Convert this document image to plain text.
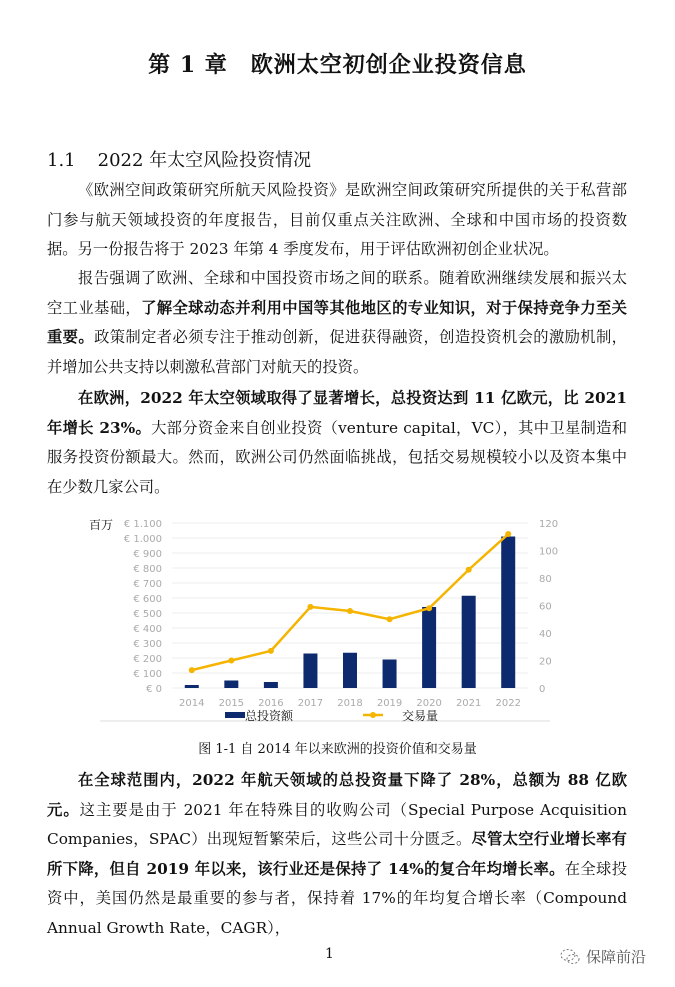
第 1 章　欧洲太空初创企业投资信息
1.1 2022 年太空风险投资情况
《欧洲空间政策研究所航天风险投资》是欧洲空间政策研究所提供的关于私营部门参与航天领域投资的年度报告，目前仅重点关注欧洲、全球和中国市场的投资数据。另一份报告将于 2023 年第 4 季度发布，用于评估欧洲初创企业状况。
报告强调了欧洲、全球和中国投资市场之间的联系。随着欧洲继续发展和振兴太空工业基础，了解全球动态并利用中国等其他地区的专业知识，对于保持竞争力至关重要。政策制定者必须专注于推动创新，促进获得融资，创造投资机会的激励机制，并增加公共支持以刺激私营部门对航天的投资。
在欧洲，2022 年太空领域取得了显著增长，总投资达到 11 亿欧元，比 2021 年增长 23%。大部分资金来自创业投资（venture capital，VC），其中卫星制造和服务投资份额最大。然而，欧洲公司仍然面临挑战，包括交易规模较小以及资本集中在少数几家公司。
百万
€ 0
€ 100
€ 200
€ 300
€ 400
€ 500
€ 600
€ 700
€ 800
€ 900
€ 1.000
€ 1.100
0
20
40
60
80
100
120
2014 2015 2016 2017 2018 2019 2020 2021 2022
总投资额	交易量
图 1-1 自 2014 年以来欧洲的投资价值和交易量
在全球范围内，2022 年航天领域的总投资量下降了 28%，总额为 88 亿欧元。这主要是由于 2021 年在特殊目的收购公司（Special Purpose Acquisition Companies，SPAC）出现短暂繁荣后，这些公司十分匮乏。尽管太空行业增长率有所下降，但自 2019 年以来，该行业还是保持了 14%的复合年均增长率。在全球投资中，美国仍然是最重要的参与者，保持着 17%的年均复合增长率（Compound Annual Growth Rate，CAGR），
1	保障前沿
